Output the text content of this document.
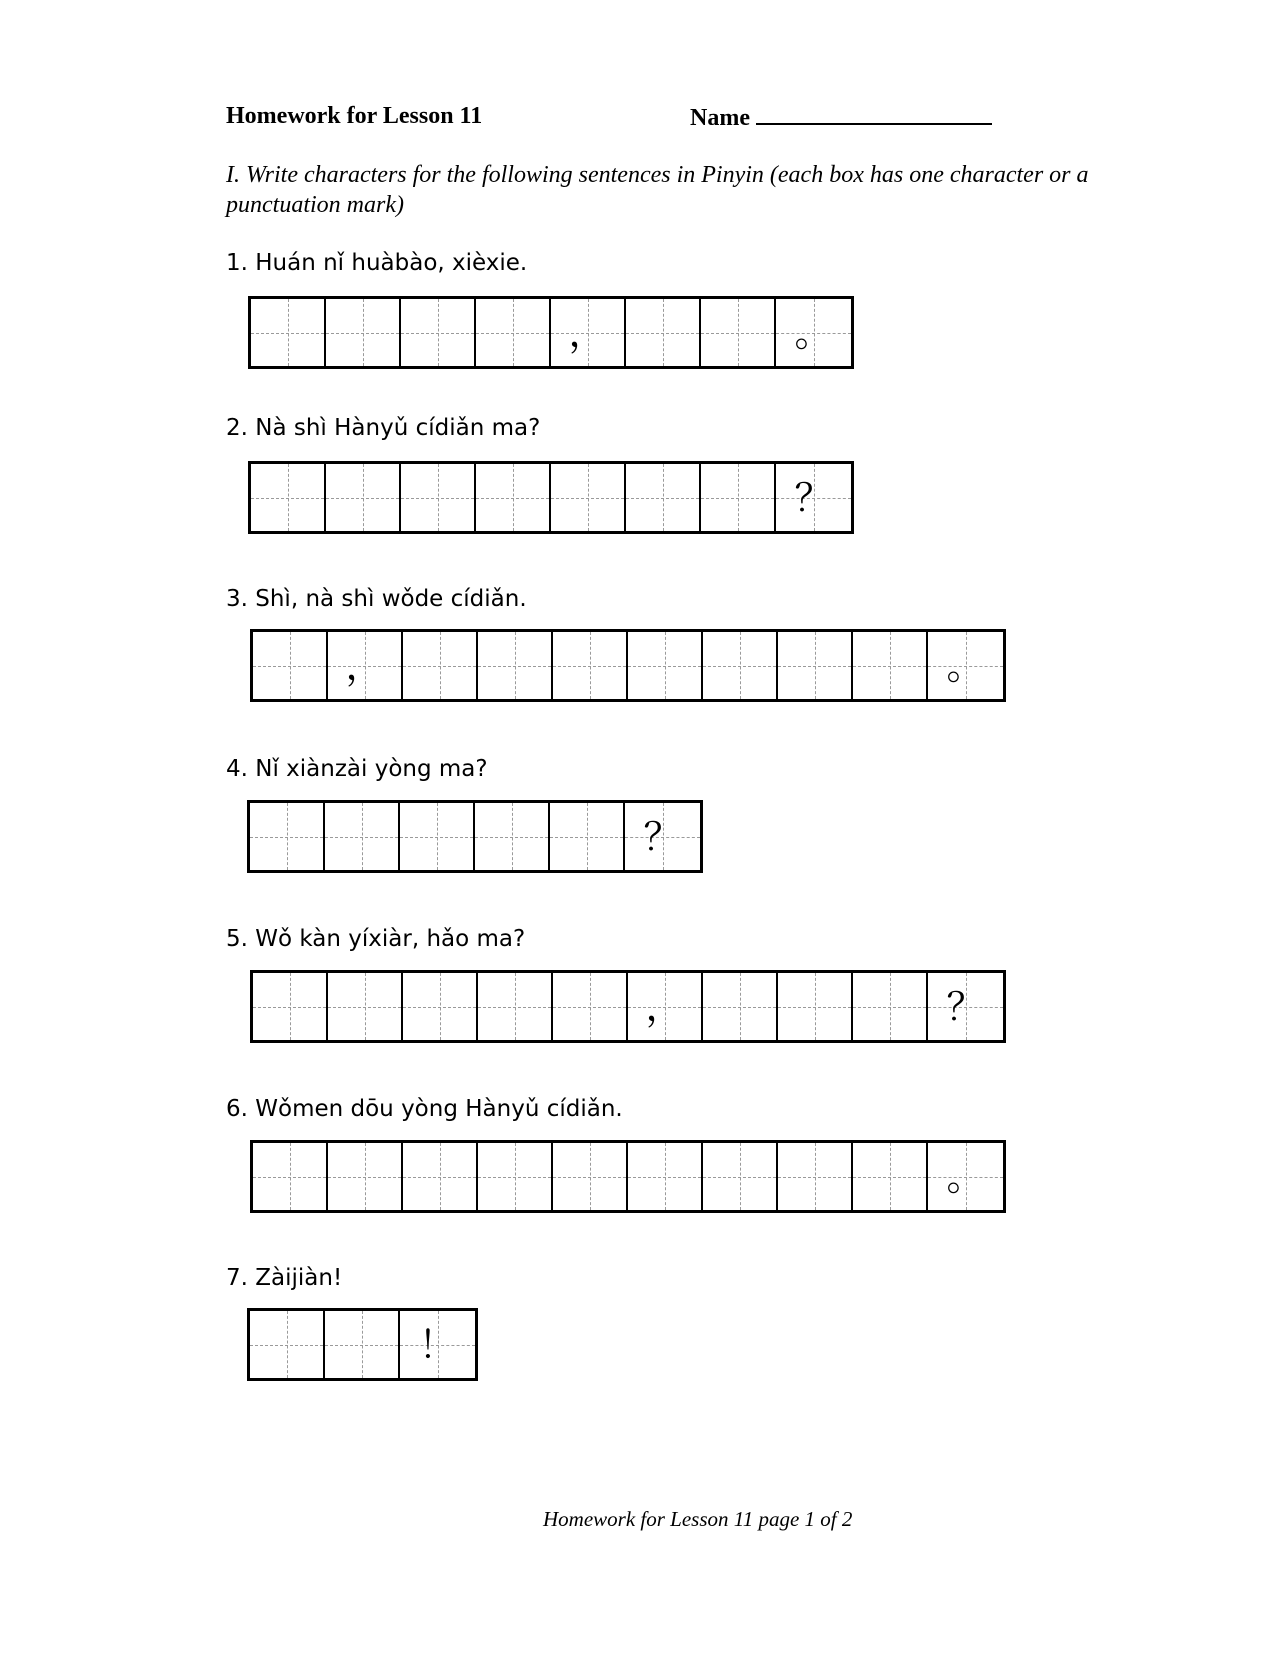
Homework for Lesson 11	Name
I. Write characters for the following sentences in Pinyin (each box has one character or a punctuation mark)
1. Huán nǐ huàbào, xièxie.
，	。
2. Nà shì Hànyǔ cídiǎn ma?
？
3. Shì, nà shì wǒde cídiǎn.
，	。
4. Nǐ xiànzài yòng ma?
？
5. Wǒ kàn yíxiàr, hǎo ma?
，	？
6. Wǒmen dōu yòng Hànyǔ cídiǎn.
。
7. Zàijiàn!
！
Homework for Lesson 11 page 1 of 2
